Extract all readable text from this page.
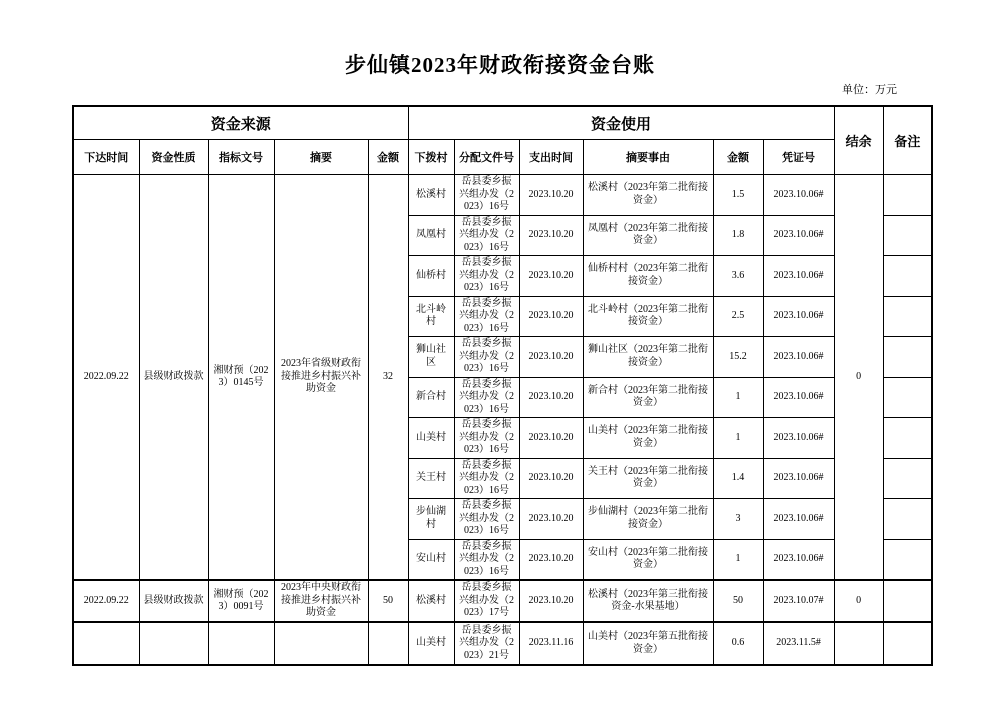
步仙镇2023年财政衔接资金台账
单位：万元
资金来源					资金使用						结余	备注
下达时间	资金性质	指标文号	摘要	金额	下拨村	分配文件号	支出时间	摘要事由	金额	凭证号		
2022.09.22	县级财政拨款	湘财预（2023）0145号	2023年省级财政衔接推进乡村振兴补助资金	32	松溪村	岳县委乡振兴组办发（2023）16号	2023.10.20	松溪村（2023年第二批衔接资金）	1.5	2023.10.06#	0	
					凤凰村	岳县委乡振兴组办发（2023）16号	2023.10.20	凤凰村（2023年第二批衔接资金）	1.8	2023.10.06#		
					仙桥村	岳县委乡振兴组办发（2023）16号	2023.10.20	仙桥村村（2023年第二批衔接资金）	3.6	2023.10.06#		
					北斗岭村	岳县委乡振兴组办发（2023）16号	2023.10.20	北斗岭村（2023年第二批衔接资金）	2.5	2023.10.06#		
					狮山社区	岳县委乡振兴组办发（2023）16号	2023.10.20	狮山社区（2023年第二批衔接资金）	15.2	2023.10.06#		
					新合村	岳县委乡振兴组办发（2023）16号	2023.10.20	新合村（2023年第二批衔接资金）	1	2023.10.06#		
					山美村	岳县委乡振兴组办发（2023）16号	2023.10.20	山美村（2023年第二批衔接资金）	1	2023.10.06#		
					关王村	岳县委乡振兴组办发（2023）16号	2023.10.20	关王村（2023年第二批衔接资金）	1.4	2023.10.06#		
					步仙湖村	岳县委乡振兴组办发（2023）16号	2023.10.20	步仙湖村（2023年第二批衔接资金）	3	2023.10.06#		
					安山村	岳县委乡振兴组办发（2023）16号	2023.10.20	安山村（2023年第二批衔接资金）	1	2023.10.06#		
2022.09.22	县级财政拨款	湘财预（2023）0091号	2023年中央财政衔接推进乡村振兴补助资金	50	松溪村	岳县委乡振兴组办发（2023）17号	2023.10.20	松溪村（2023年第三批衔接资金-水果基地）	50	2023.10.07#	0	
					山美村	岳县委乡振兴组办发（2023）21号	2023.11.16	山美村（2023年第五批衔接资金）	0.6	2023.11.5#		
